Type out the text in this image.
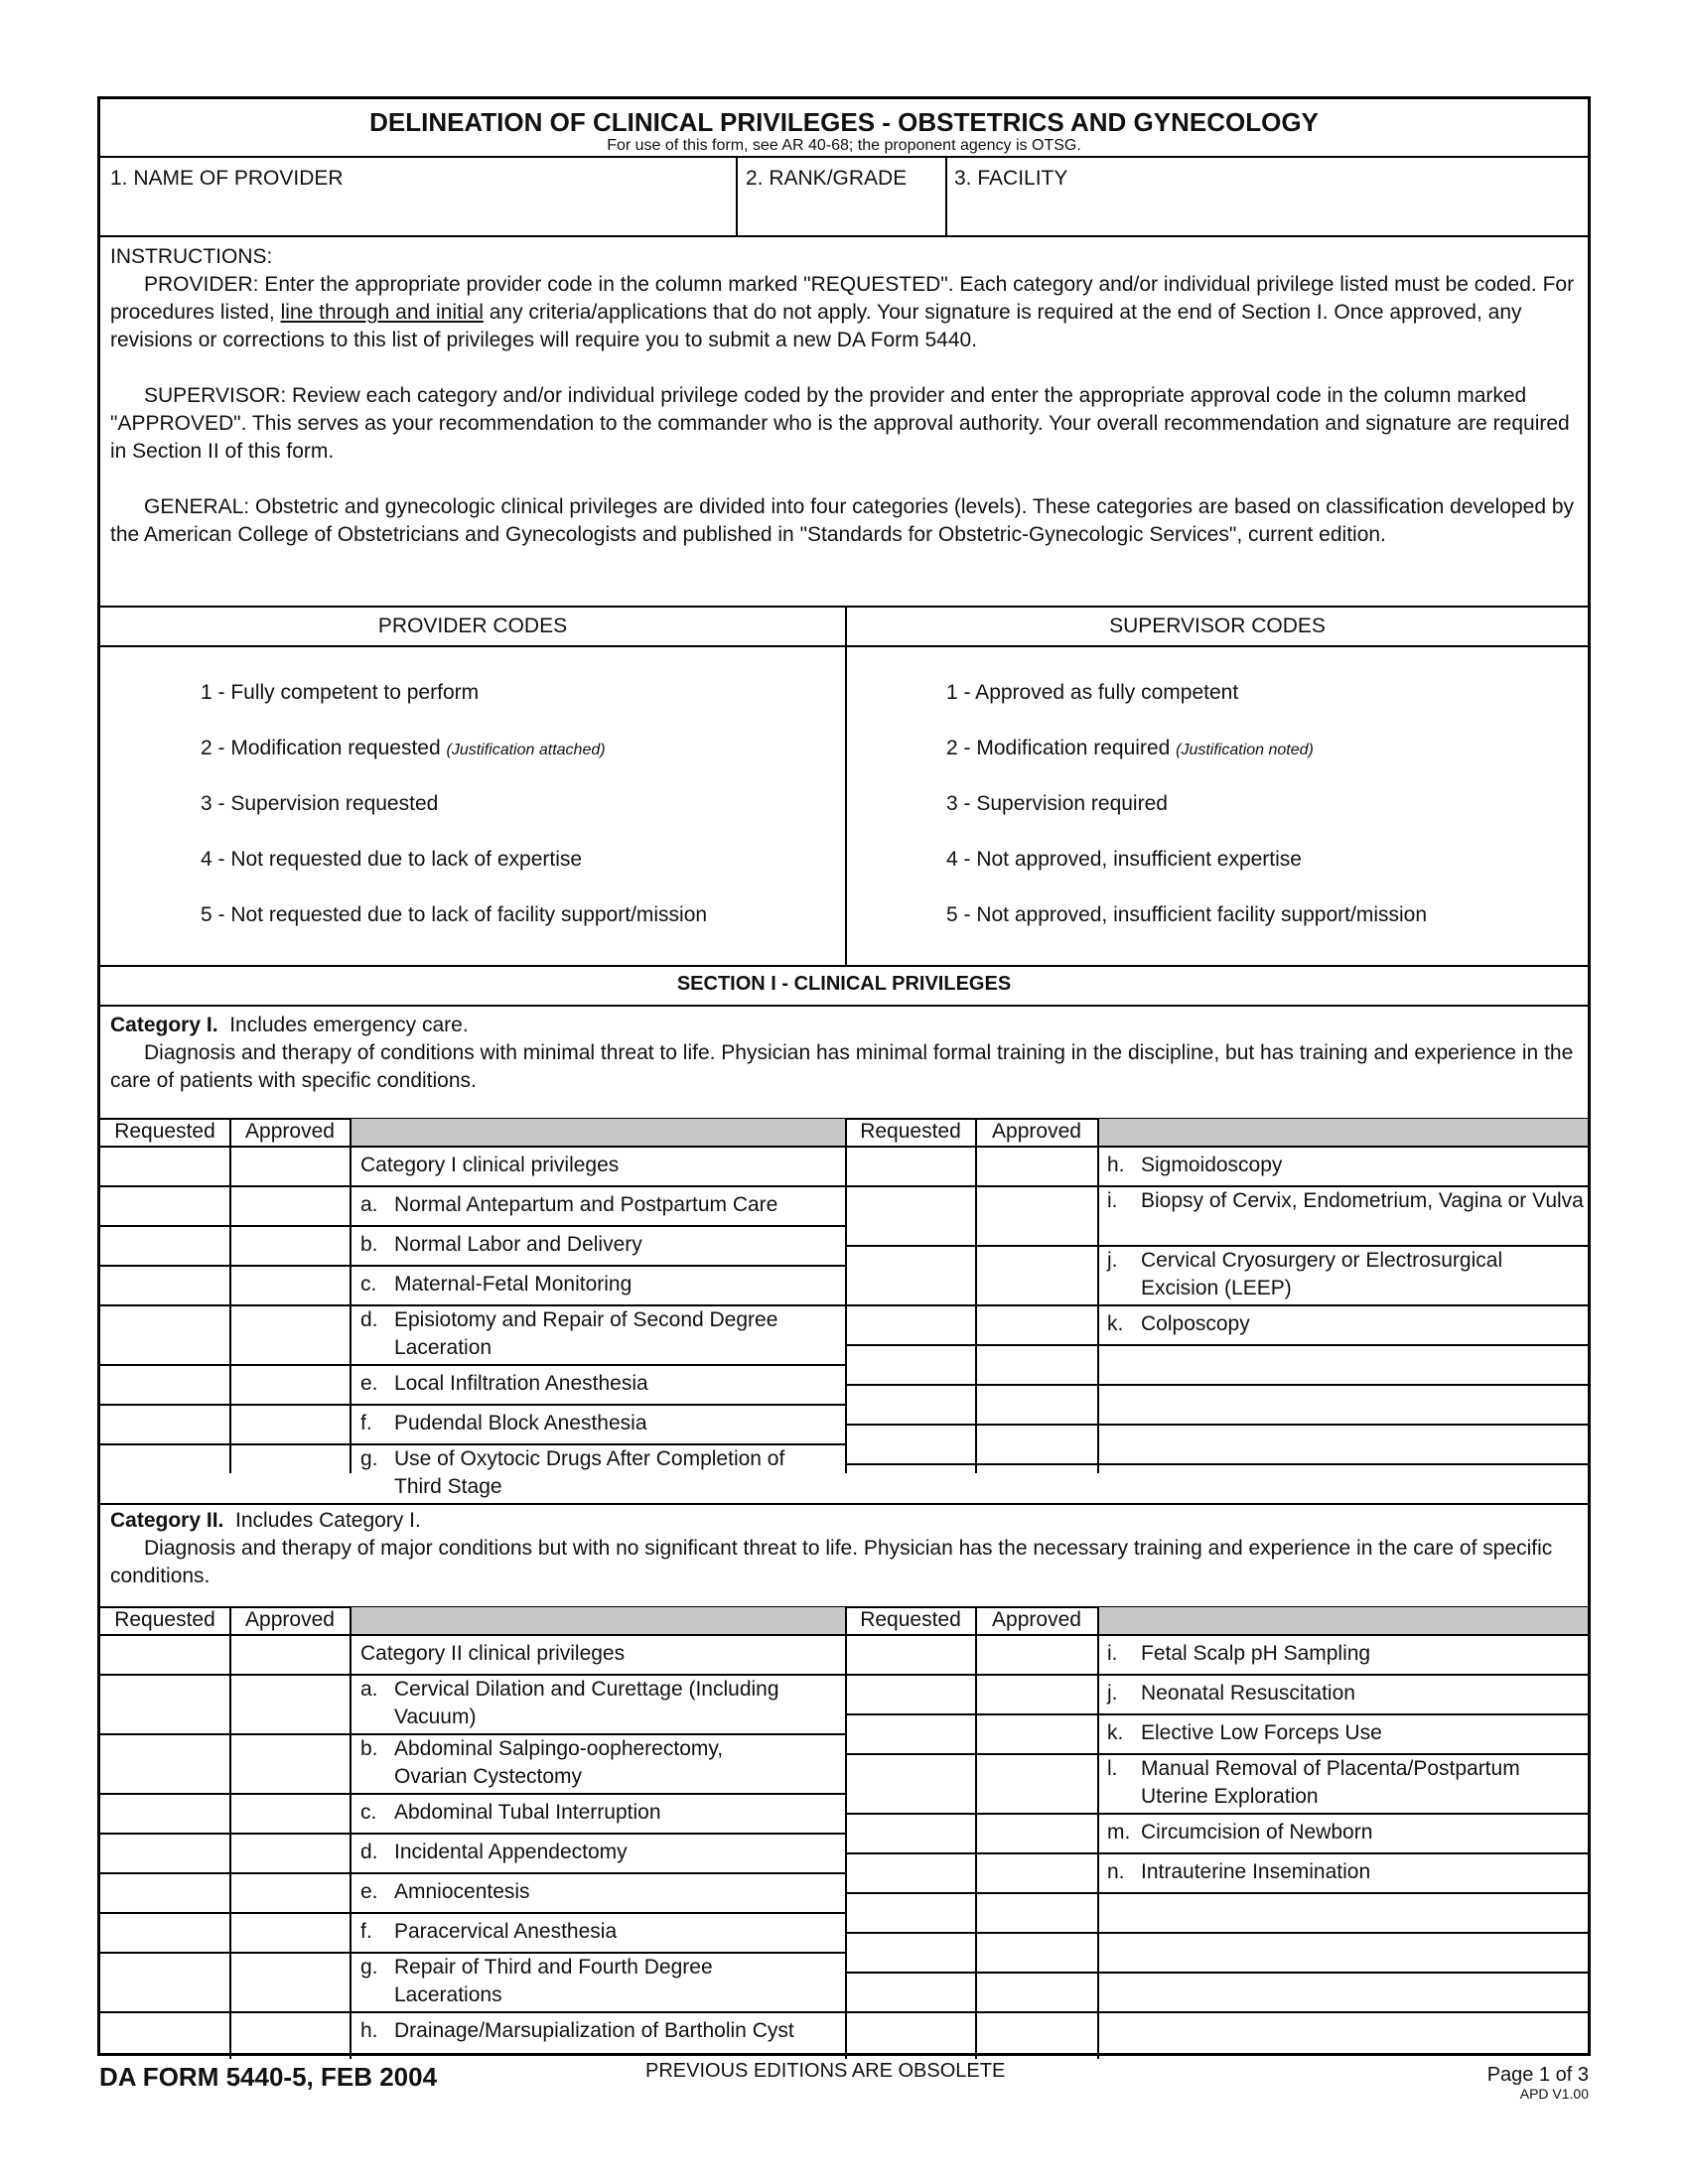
DELINEATION OF CLINICAL PRIVILEGES - OBSTETRICS AND GYNECOLOGY
For use of this form, see AR 40-68; the proponent agency is OTSG.
1. NAME OF PROVIDER	2. RANK/GRADE 3. FACILITY
INSTRUCTIONS:
PROVIDER: Enter the appropriate provider code in the column marked "REQUESTED". Each category and/or individual privilege listed must be coded. For procedures listed, line through and initial any criteria/applications that do not apply. Your signature is required at the end of Section I. Once approved, any revisions or corrections to this list of privileges will require you to submit a new DA Form 5440.
SUPERVISOR: Review each category and/or individual privilege coded by the provider and enter the appropriate approval code in the column marked "APPROVED". This serves as your recommendation to the commander who is the approval authority. Your overall recommendation and signature are required in Section II of this form.
GENERAL: Obstetric and gynecologic clinical privileges are divided into four categories (levels). These categories are based on classification developed by the American College of Obstetricians and Gynecologists and published in "Standards for Obstetric-Gynecologic Services", current edition.
PROVIDER CODES	SUPERVISOR CODES
1 - Fully competent to perform
2 - Modification requested (Justification attached)
3 - Supervision requested
4 - Not requested due to lack of expertise
5 - Not requested due to lack of facility support/mission
1 - Approved as fully competent
2 - Modification required (Justification noted)
3 - Supervision required
4 - Not approved, insufficient expertise
5 - Not approved, insufficient facility support/mission
SECTION I - CLINICAL PRIVILEGES
Category I.  Includes emergency care.
Diagnosis and therapy of conditions with minimal threat to life. Physician has minimal formal training in the discipline, but has training and experience in the care of patients with specific conditions.
Requested	Approved	Requested	Approved
Category I clinical privileges
a. Normal Antepartum and Postpartum Care
b. Normal Labor and Delivery
c. Maternal-Fetal Monitoring
d. Episiotomy and Repair of Second Degree Laceration
e. Local Infiltration Anesthesia
f. Pudendal Block Anesthesia
g. Use of Oxytocic Drugs After Completion of Third Stage
h. Sigmoidoscopy
i. Biopsy of Cervix, Endometrium, Vagina or Vulva
j. Cervical Cryosurgery or Electrosurgical Excision (LEEP)
k. Colposcopy
Category II.  Includes Category I.
Diagnosis and therapy of major conditions but with no significant threat to life. Physician has the necessary training and experience in the care of specific conditions.
Requested	Approved	Requested	Approved
Category II clinical privileges
a. Cervical Dilation and Curettage (Including Vacuum)
b. Abdominal Salpingo-oopherectomy, Ovarian Cystectomy
c. Abdominal Tubal Interruption
d. Incidental Appendectomy
e. Amniocentesis
f. Paracervical Anesthesia
g. Repair of Third and Fourth Degree Lacerations
h. Drainage/Marsupialization of Bartholin Cyst
i. Fetal Scalp pH Sampling
j. Neonatal Resuscitation
k. Elective Low Forceps Use
l. Manual Removal of Placenta/Postpartum Uterine Exploration
m. Circumcision of Newborn
n. Intrauterine Insemination
DA FORM 5440-5, FEB 2004	PREVIOUS EDITIONS ARE OBSOLETE	Page 1 of 3
APD V1.00
